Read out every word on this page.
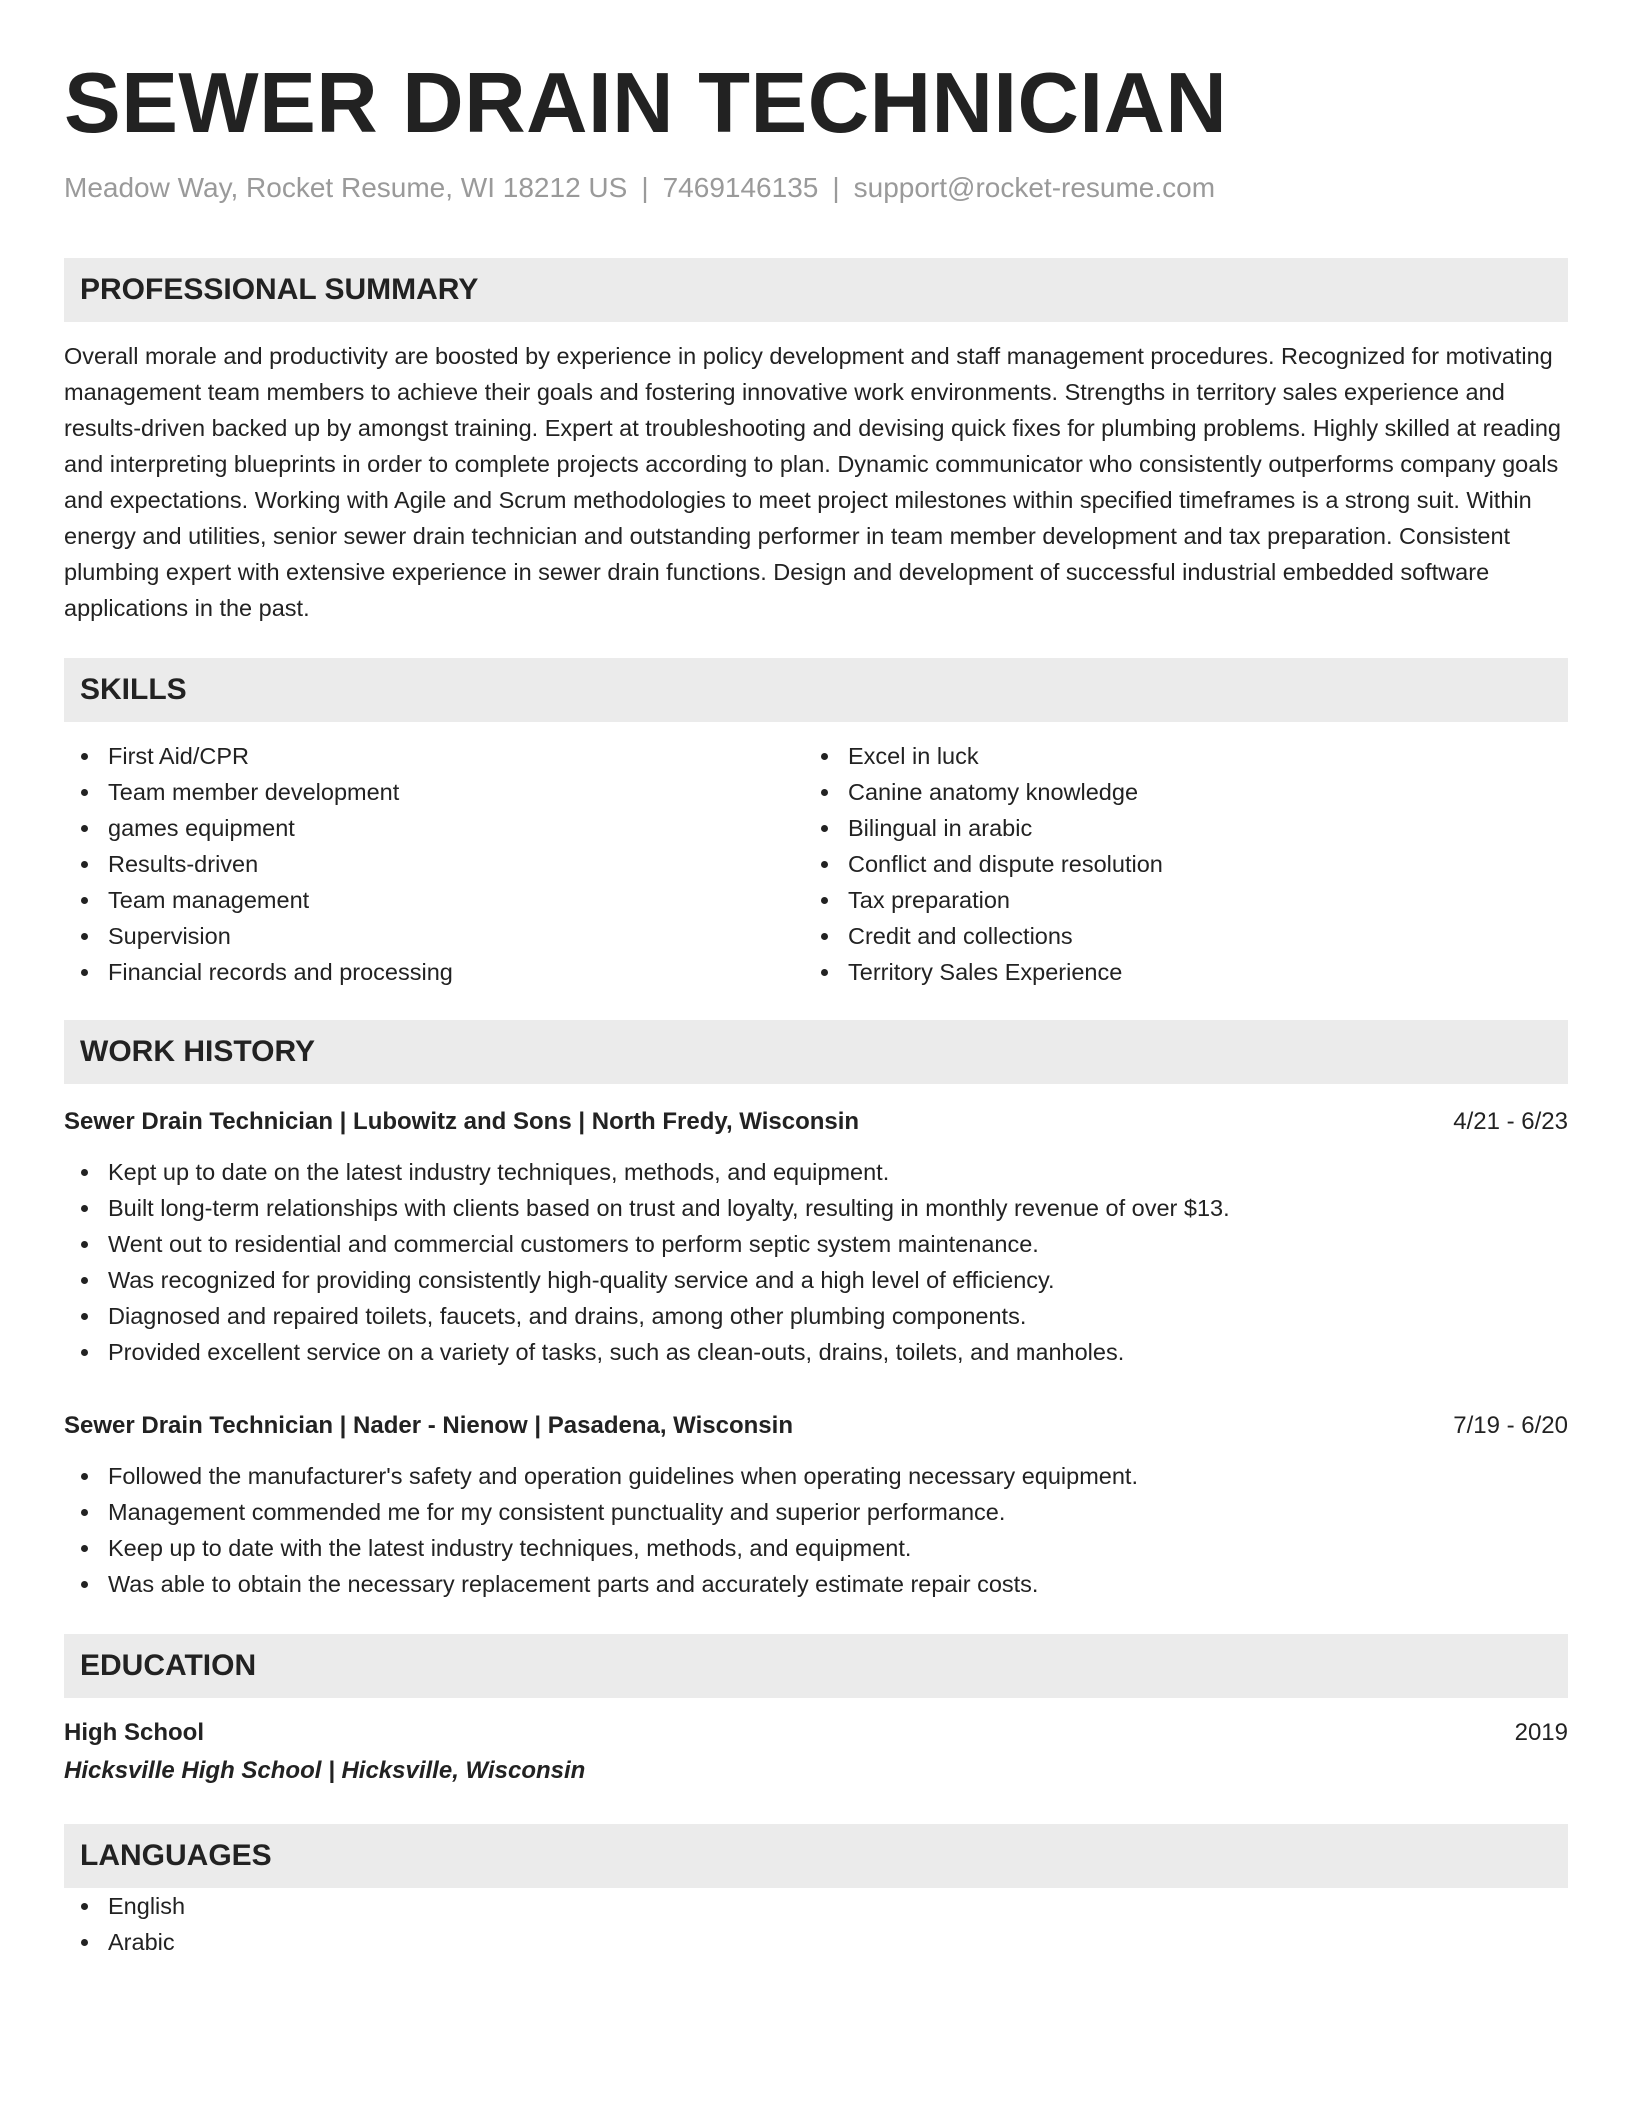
SEWER DRAIN TECHNICIAN
Meadow Way, Rocket Resume, WI 18212 US | 7469146135 | support@rocket-resume.com
PROFESSIONAL SUMMARY
Overall morale and productivity are boosted by experience in policy development and staff management procedures. Recognized for motivating management team members to achieve their goals and fostering innovative work environments. Strengths in territory sales experience and results-driven backed up by amongst training. Expert at troubleshooting and devising quick fixes for plumbing problems. Highly skilled at reading and interpreting blueprints in order to complete projects according to plan. Dynamic communicator who consistently outperforms company goals and expectations. Working with Agile and Scrum methodologies to meet project milestones within specified timeframes is a strong suit. Within energy and utilities, senior sewer drain technician and outstanding performer in team member development and tax preparation. Consistent plumbing expert with extensive experience in sewer drain functions. Design and development of successful industrial embedded software applications in the past.
SKILLS
First Aid/CPR
Team member development
games equipment
Results-driven
Team management
Supervision
Financial records and processing
Excel in luck
Canine anatomy knowledge
Bilingual in arabic
Conflict and dispute resolution
Tax preparation
Credit and collections
Territory Sales Experience
WORK HISTORY
Sewer Drain Technician | Lubowitz and Sons | North Fredy, Wisconsin	4/21 - 6/23
Kept up to date on the latest industry techniques, methods, and equipment.
Built long-term relationships with clients based on trust and loyalty, resulting in monthly revenue of over $13.
Went out to residential and commercial customers to perform septic system maintenance.
Was recognized for providing consistently high-quality service and a high level of efficiency.
Diagnosed and repaired toilets, faucets, and drains, among other plumbing components.
Provided excellent service on a variety of tasks, such as clean-outs, drains, toilets, and manholes.
Sewer Drain Technician | Nader - Nienow | Pasadena, Wisconsin	7/19 - 6/20
Followed the manufacturer's safety and operation guidelines when operating necessary equipment.
Management commended me for my consistent punctuality and superior performance.
Keep up to date with the latest industry techniques, methods, and equipment.
Was able to obtain the necessary replacement parts and accurately estimate repair costs.
EDUCATION
High School	2019
Hicksville High School | Hicksville, Wisconsin
LANGUAGES
English
Arabic
